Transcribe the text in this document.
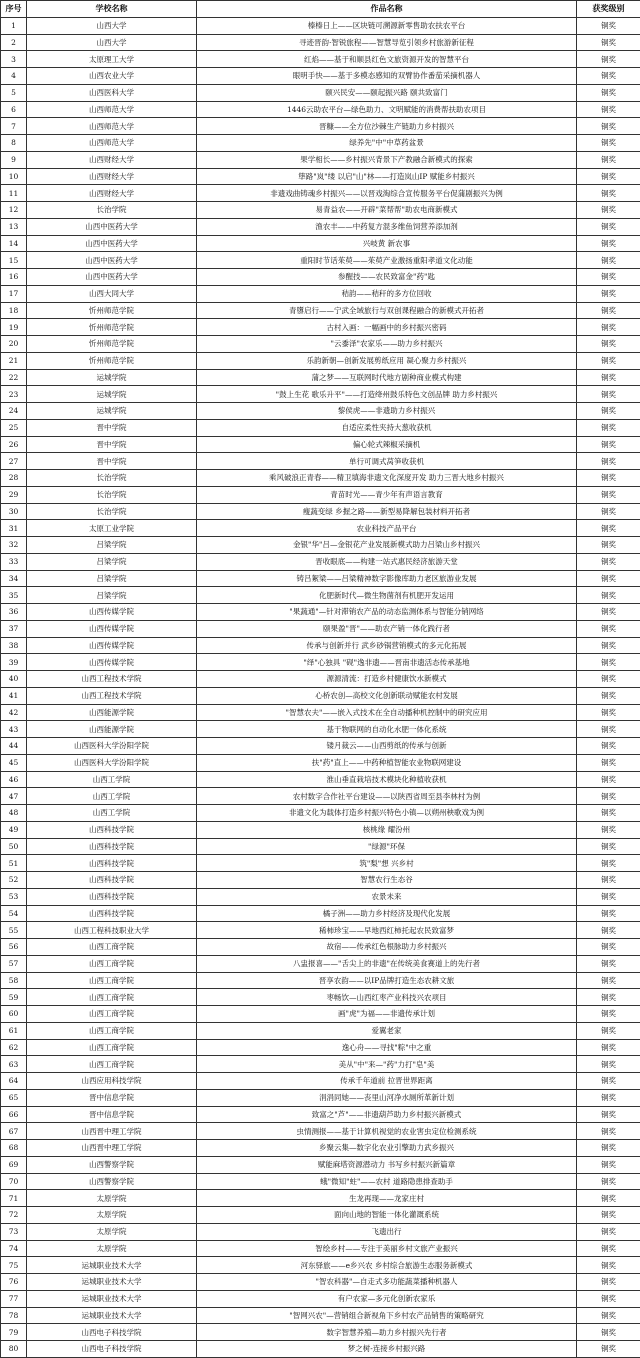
序号	学校名称	作品名称	获奖级别
1	山西大学	榛榛日上——区块链可溯源新零售助农扶农平台	铜奖
2	山西大学	寻迹晋韵·智锐旅程——智慧导览引领乡村旅游新征程	铜奖
3	太原理工大学	红焰——基于和顺县红色文旅资源开发的智慧平台	铜奖
4	山西农业大学	眼明手快——基于多模态感知的双臂协作番茄采摘机器人	铜奖
5	山西医科大学	颐兴民安——颐起振兴路 颐共致富门	铜奖
6	山西师范大学	1446云助农平台—绿色助力、文明赋能的消费帮扶助农项目	铜奖
7	山西师范大学	晋糠——全方位沙棘生产链助力乡村振兴	铜奖
8	山西师范大学	绿养先"中"中草药盆景	铜奖
9	山西财经大学	果学相长——乡村振兴背景下产教融合新模式的探索	铜奖
10	山西财经大学	筚路"岚"缕 以启"山"林——打造岚山IP 赋能乡村振兴	铜奖
11	山西财经大学	非遗戏曲铸魂乡村振兴——以晋戏淘综合宣传服务平台促蒲剧振兴为例	铜奖
12	长治学院	易青益农——开辟"菜帮帮"助农电商新模式	铜奖
13	山西中医药大学	渔农丰——中药复方混多维鱼饲营养添加剂	铜奖
14	山西中医药大学	兴岐黄 新农事	铜奖
15	山西中医药大学	重阳时节话茱萸——茱萸产业激扬重阳孝道文化动能	铜奖
16	山西中医药大学	参醒技——农民致富金"药"匙	铜奖
17	山西大同大学	秸韵——秸秆的多方位回收	铜奖
18	忻州师范学院	青隳启行——宁武全域旅行与双创课程融合的新模式开拓者	铜奖
19	忻州师范学院	古村入画：一幅画中的乡村振兴密码	铜奖
20	忻州师范学院	"云黍泽"农家乐——助力乡村振兴	铜奖
21	忻州师范学院	乐韵新朝—创新发展剪纸应用 凝心聚力乡村振兴	铜奖
22	运城学院	蒲之梦——互联网时代地方剧种商业模式构建	铜奖
23	运城学院	"鼓上生花 歌乐升平"——打造绛州鼓乐特色文创品牌 助力乡村振兴	铜奖
24	运城学院	黎侯虎——非遗助力乡村振兴	铜奖
25	晋中学院	自适应柔性夹持大葱收获机	铜奖
26	晋中学院	偏心轮式辣椒采摘机	铜奖
27	晋中学院	单行可调式莴笋收获机	铜奖
28	长治学院	乘风破浪正青春——精卫填海非遗文化深度开发 助力三晋大地乡村振兴	铜奖
29	长治学院	青苗时光——青少年有声语言教育	铜奖
30	长治学院	瘦蔬变绿 乡握之路——新型易降解包装材料开拓者	铜奖
31	太原工业学院	农业科技产品平台	铜奖
32	吕梁学院	金银"华"吕—金银花产业发展新模式助力吕梁山乡村振兴	铜奖
33	吕梁学院	晋收眼底——构建一站式惠民经济旅游天堂	铜奖
34	吕梁学院	铸吕絮梁——吕梁精神数字影像库助力老区旅游业发展	铜奖
35	吕梁学院	化肥新时代—微生物菌剂有机肥开发运用	铜奖
36	山西传媒学院	"果蔬通"—针对滞销农产品的动态监测体系与智能分销网络	铜奖
37	山西传媒学院	颐果盈"晋"——助农产销一体化践行者	铜奖
38	山西传媒学院	传承与创新并行 武乡砂锅营销模式的多元化拓展	铜奖
39	山西传媒学院	"绎"心独具 "砚"逸非遗——晋南非遗活态传承基地	铜奖
40	山西工程技术学院	源源清流：打造乡村健康饮水新模式	铜奖
41	山西工程技术学院	心桥农创—高校文化创新联动赋能农村发展	铜奖
42	山西能源学院	"智慧农夫"——嵌入式技术在全自动播种机控制中的研究应用	铜奖
43	山西能源学院	基于物联网的自动化水肥一体化系统	铜奖
44	山西医科大学汾阳学院	镂月裁云——山西剪纸的传承与创新	铜奖
45	山西医科大学汾阳学院	扶"药"直上——中药种植智能农业物联网建设	铜奖
46	山西工学院	淮山垂直栽培技术模块化种植收获机	铜奖
47	山西工学院	农村数字合作社平台建设——以陕西省周至县李林村为例	铜奖
48	山西工学院	非遗文化为载体打造乡村振兴特色小镇—以朔州秧歌戏为例	铜奖
49	山西科技学院	核桃缘 耀汾州	铜奖
50	山西科技学院	"绿源"环保	铜奖
51	山西科技学院	筑"梨"想 兴乡村	铜奖
52	山西科技学院	智慧农行生态谷	铜奖
53	山西科技学院	农景未来	铜奖
54	山西科技学院	橘子洲——助力乡村经济及现代化发展	铜奖
55	山西工程科技职业大学	稀柿珍宝——早地西红柿托起农民致富梦	铜奖
56	山西工商学院	故宿——传承红色根脉助力乡村振兴	铜奖
57	山西工商学院	八盅报喜——"舌尖上的非遗"在传统美食赛道上的先行者	铜奖
58	山西工商学院	晋享农韵——以IP品牌打造生态农耕文旅	铜奖
59	山西工商学院	枣畅饮—山西红枣产业科技兴农项目	铜奖
60	山西工商学院	画"虎"为福——非遗传承计划	铜奖
61	山西工商学院	爱翼老家	铜奖
62	山西工商学院	逸心舟——寻找"粽"中之重	铜奖
63	山西工商学院	美从"中"来—"药"力打"皂"美	铜奖
64	山西应用科技学院	传承千年道前 拉晋世界距离	铜奖
65	晋中信息学院	涓涓同她——丧里山河净水厕所革新计划	铜奖
66	晋中信息学院	致富之"芦"——非遗葫芦助力乡村振兴新模式	铜奖
67	山西晋中理工学院	虫情测报——基于计算机视觉的农业害虫定位检测系统	铜奖
68	山西晋中理工学院	乡聚云集—数字化农业引擎助力武乡振兴	铜奖
69	山西警察学院	赋能麻塔资源潜动力 书写乡村振兴新篇章	铜奖
70	山西警察学院	蛾"微知"蛀"——农村 道路隐患排查助手	铜奖
71	太原学院	生龙再现——龙家庄村	铜奖
72	太原学院	面向山地的智能一体化灌溉系统	铜奖
73	太原学院	飞遗出行	铜奖
74	太原学院	智绘乡村——专注于美丽乡村文旅产业振兴	铜奖
75	运城职业技术大学	河东驿旅——e乡兴农 乡村综合旅游生态服务新模式	铜奖
76	运城职业技术大学	"智农科器"—自走式多功能蔬菜播种机器人	铜奖
77	运城职业技术大学	有户农家—多元化创新农家乐	铜奖
78	运城职业技术大学	"智网兴农"—营销组合新视角下乡村农产品销售的策略研究	铜奖
79	山西电子科技学院	数字智慧养殖—助力乡村振兴先行者	铜奖
80	山西电子科技学院	梦之树-连接乡村振兴路	铜奖
